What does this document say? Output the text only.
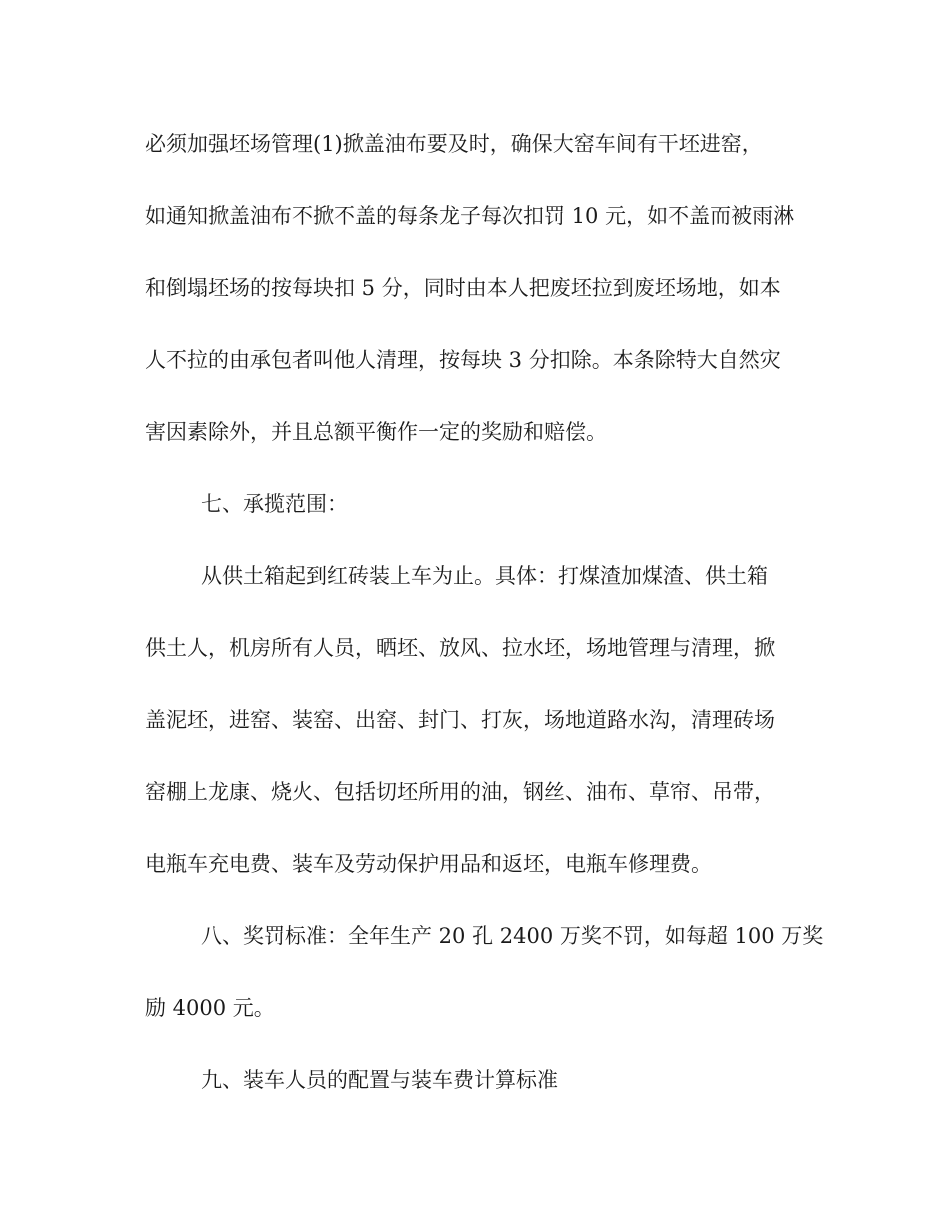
必须加强坯场管理(1)掀盖油布要及时，确保大窑车间有干坯进窑，
如通知掀盖油布不掀不盖的每条龙子每次扣罚 10 元，如不盖而被雨淋
和倒塌坯场的按每块扣 5 分，同时由本人把废坯拉到废坯场地，如本
人不拉的由承包者叫他人清理，按每块 3 分扣除。本条除特大自然灾
害因素除外，并且总额平衡作一定的奖励和赔偿。
七、承揽范围：
从供土箱起到红砖装上车为止。具体：打煤渣加煤渣、供土箱
供土人，机房所有人员，晒坯、放风、拉水坯，场地管理与清理，掀
盖泥坯，进窑、装窑、出窑、封门、打灰，场地道路水沟，清理砖场
窑棚上龙康、烧火、包括切坯所用的油，钢丝、油布、草帘、吊带，
电瓶车充电费、装车及劳动保护用品和返坯，电瓶车修理费。
八、奖罚标准：全年生产 20 孔 2400 万奖不罚，如每超 100 万奖
励 4000 元。
九、装车人员的配置与装车费计算标准
